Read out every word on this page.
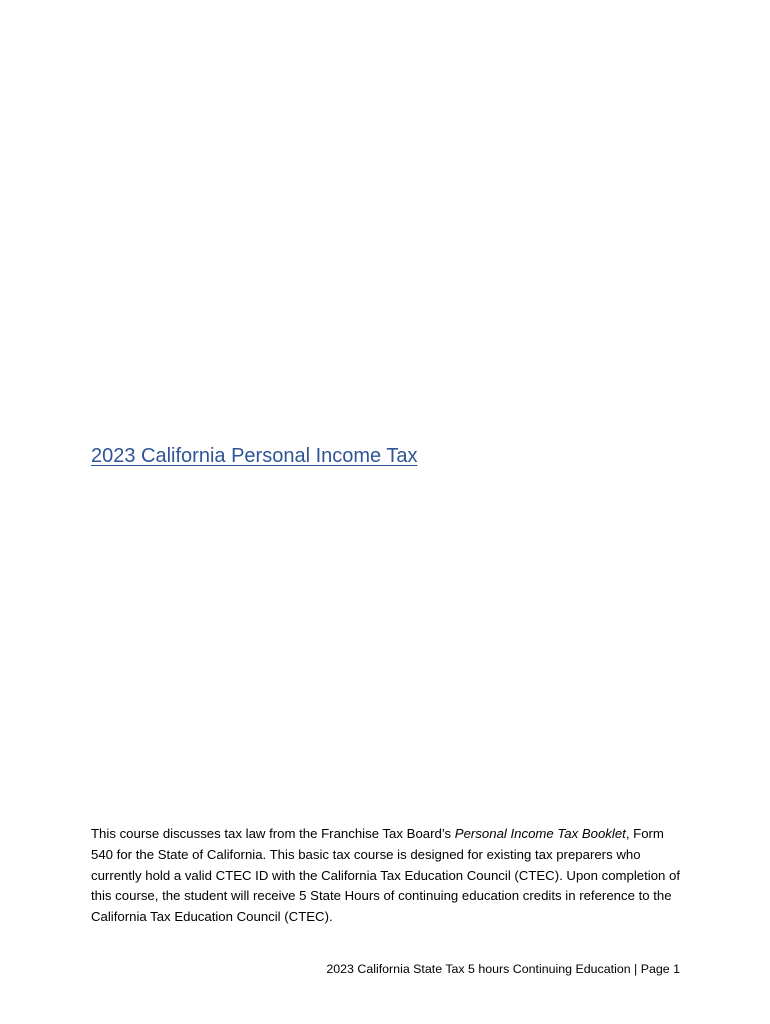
2023 California Personal Income Tax

This course discusses tax law from the Franchise Tax Board’s Personal Income Tax Booklet, Form 540 for the State of California. This basic tax course is designed for existing tax preparers who currently hold a valid CTEC ID with the California Tax Education Council (CTEC). Upon completion of this course, the student will receive 5 State Hours of continuing education credits in reference to the California Tax Education Council (CTEC).

2023 California State Tax 5 hours Continuing Education | Page 1
